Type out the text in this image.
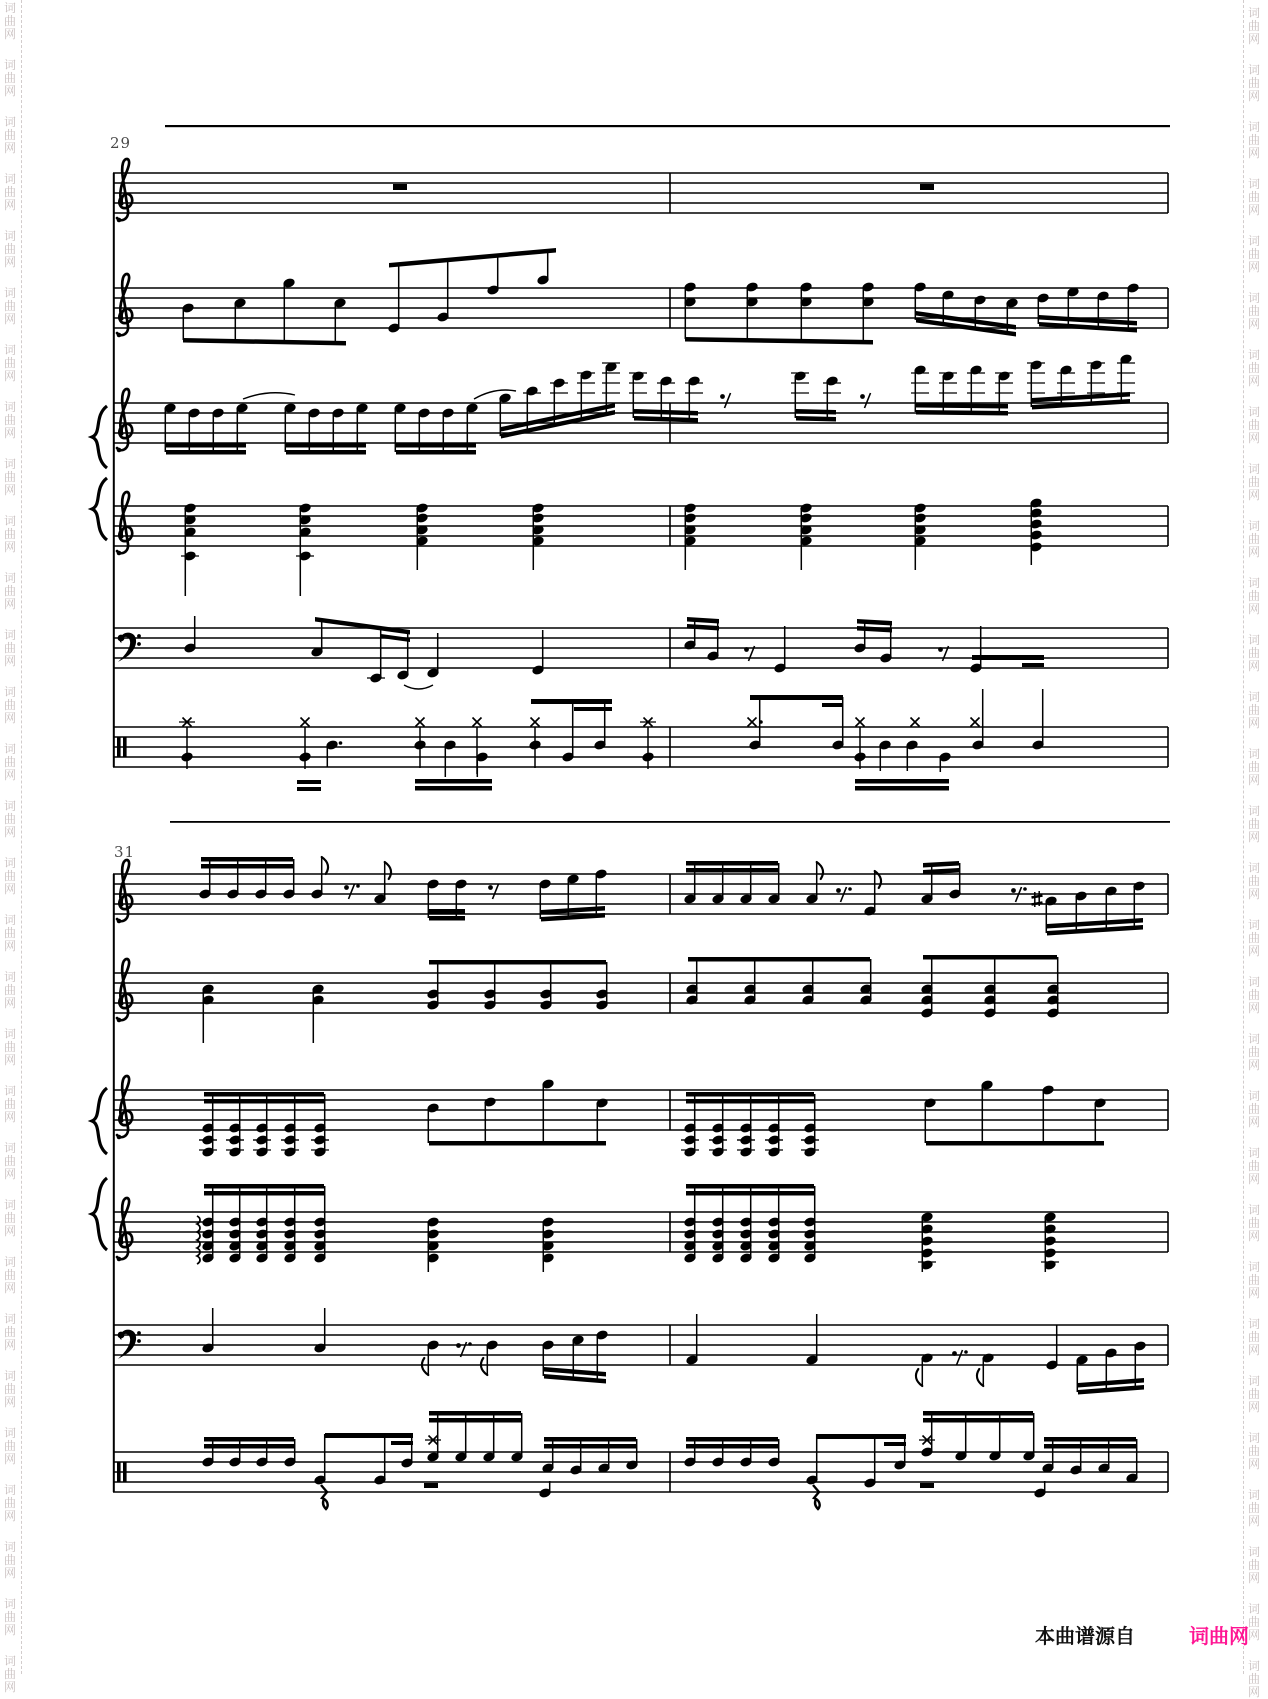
词
曲
网
词
曲
网
词
曲
网
词
曲
网
词
曲
网
词
曲
网
词
曲
网
词
曲
网
词
曲
网
词
曲
网
词
曲
网
词
曲
网
词
曲
网
词
曲
网
词
曲
网
词
曲
网
词
曲
网
词
曲
网
词
曲
网
词
曲
网
词
曲
网
词
曲
网
词
曲
网
词
曲
网
词
曲
网
词
曲
网
词
曲
网
词
曲
网
词
曲
网
词
曲
网
词
曲
网
词
曲
网
词
曲
网
词
曲
网
词
曲
网
词
曲
网
词
曲
网
词
曲
网
词
曲
网
词
曲
网
词
曲
网
词
曲
网
词
曲
网
词
曲
网
词
曲
网
词
曲
网
词
曲
网
词
曲
网
词
曲
网
词
曲
网
词
曲
网
词
曲
网
词
曲
网
词
曲
网
词
曲
网
词
曲
网
词
曲
网
词
曲
网
词
曲
网
词
曲
网
29
31
本曲谱源自	词曲网
